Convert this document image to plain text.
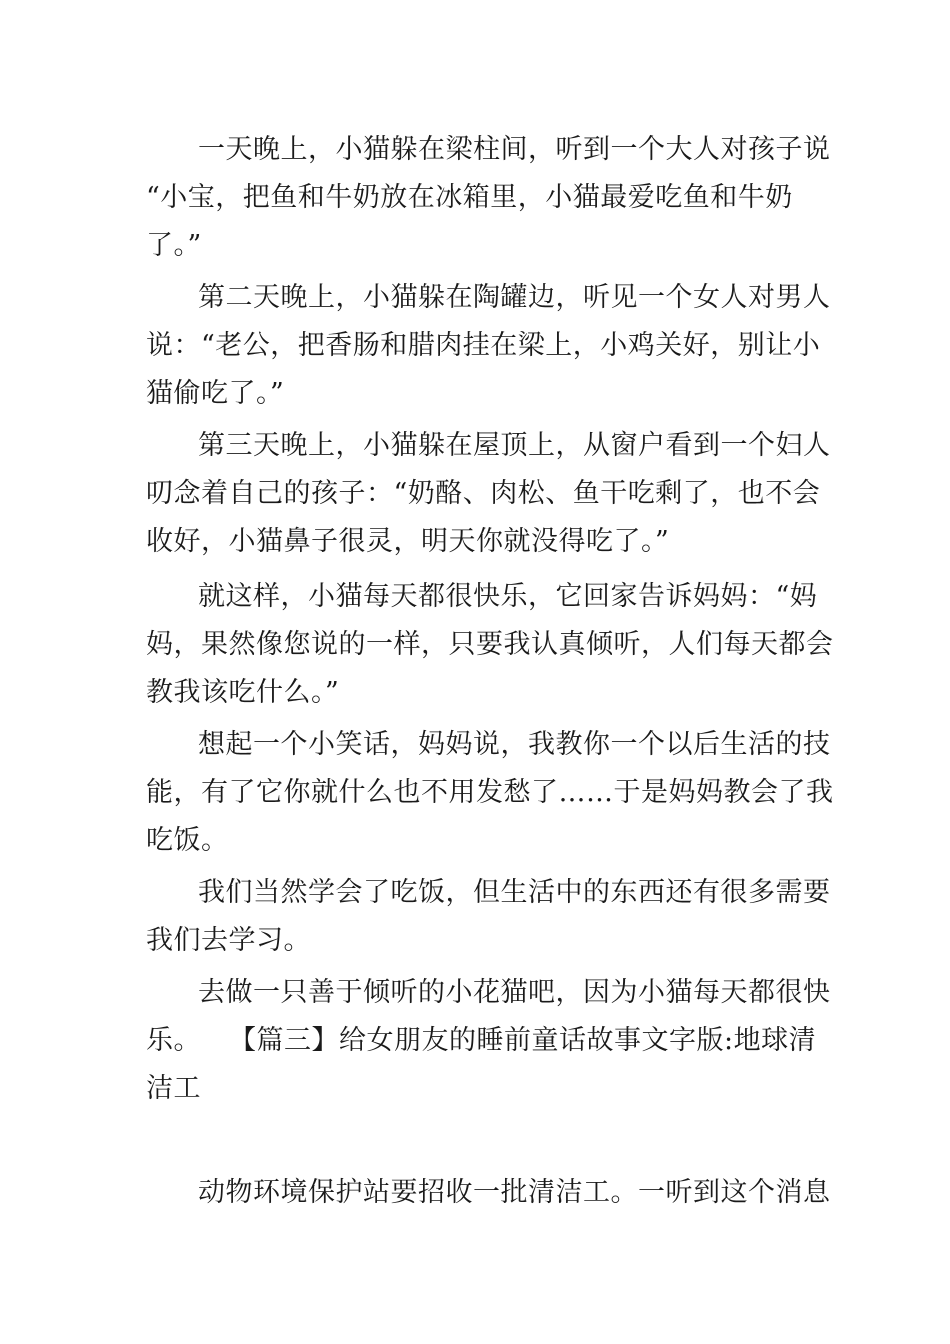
一天晚上，小猫躲在梁柱间，听到一个大人对孩子说
“小宝，把鱼和牛奶放在冰箱里，小猫最爱吃鱼和牛奶
了。”
第二天晚上，小猫躲在陶罐边，听见一个女人对男人
说：“老公，把香肠和腊肉挂在梁上，小鸡关好，别让小
猫偷吃了。”
第三天晚上，小猫躲在屋顶上，从窗户看到一个妇人
叨念着自己的孩子：“奶酪、肉松、鱼干吃剩了，也不会
收好，小猫鼻子很灵，明天你就没得吃了。”
就这样，小猫每天都很快乐，它回家告诉妈妈：“妈
妈，果然像您说的一样，只要我认真倾听，人们每天都会
教我该吃什么。”
想起一个小笑话，妈妈说，我教你一个以后生活的技
能，有了它你就什么也不用发愁了……于是妈妈教会了我
吃饭。
我们当然学会了吃饭，但生活中的东西还有很多需要
我们去学习。
去做一只善于倾听的小花猫吧，因为小猫每天都很快
乐。　　【篇三】给女朋友的睡前童话故事文字版:地球清
洁工
动物环境保护站要招收一批清洁工。一听到这个消息
